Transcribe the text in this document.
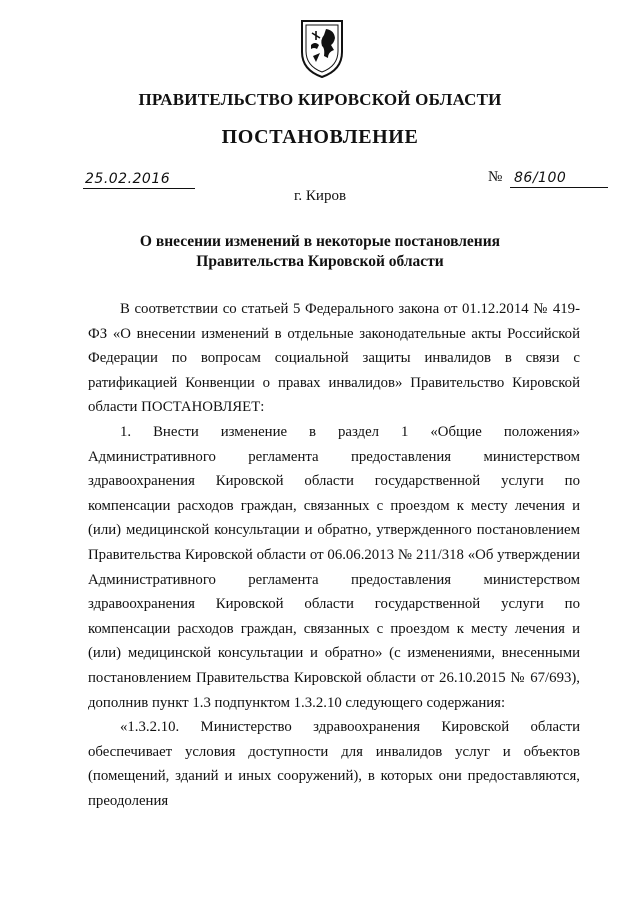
ПРАВИТЕЛЬСТВО КИРОВСКОЙ ОБЛАСТИ
ПОСТАНОВЛЕНИЕ
25.02.2016	№ 86/100
г. Киров
О внесении изменений в некоторые постановления
Правительства Кировской области

В соответствии со статьей 5 Федерального закона от 01.12.2014 № 419-ФЗ «О внесении изменений в отдельные законодательные акты Российской Федерации по вопросам социальной защиты инвалидов в связи с ратификацией Конвенции о правах инвалидов» Правительство Кировской области ПОСТАНОВЛЯЕТ:

1. Внести изменение в раздел 1 «Общие положения» Административного регламента предоставления министерством здравоохранения Кировской области государственной услуги по компенсации расходов граждан, связанных с проездом к месту лечения и (или) медицинской консультации и обратно, утвержденного постановлением Правительства Кировской области от 06.06.2013 № 211/318 «Об утверждении Административного регламента предоставления министерством здравоохранения Кировской области государственной услуги по компенсации расходов граждан, связанных с проездом к месту лечения и (или) медицинской консультации и обратно» (с изменениями, внесенными постановлением Правительства Кировской области от 26.10.2015 № 67/693), дополнив пункт 1.3 подпунктом 1.3.2.10 следующего содержания:

«1.3.2.10. Министерство здравоохранения Кировской области обеспечивает условия доступности для инвалидов услуг и объектов (помещений, зданий и иных сооружений), в которых они предоставляются, преодоления
